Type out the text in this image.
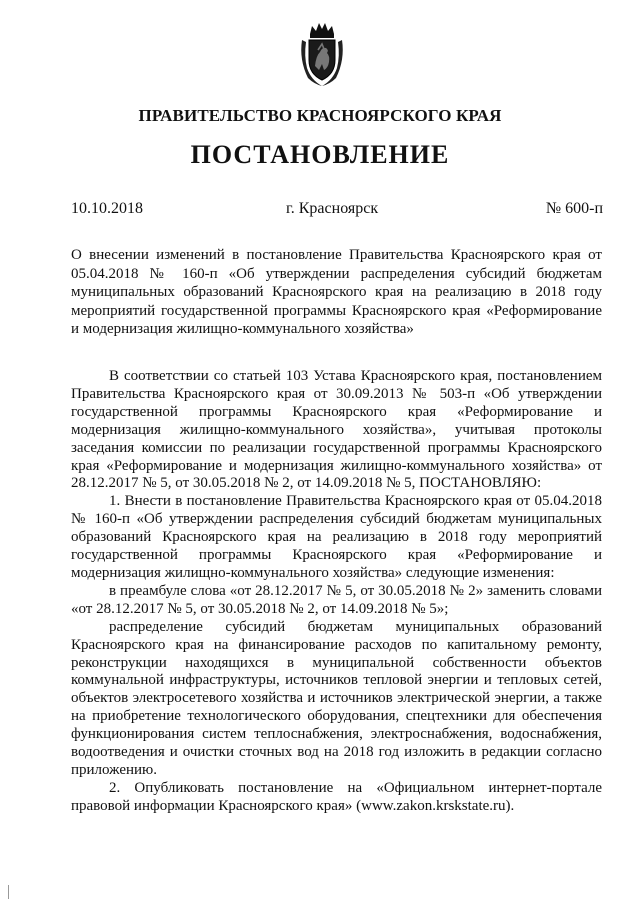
ПРАВИТЕЛЬСТВО КРАСНОЯРСКОГО КРАЯ
ПОСТАНОВЛЕНИЕ
10.10.2018	г. Красноярск	№ 600-п
О внесении изменений в постановление Правительства Красноярского края от 05.04.2018 № 160-п «Об утверждении распределения субсидий бюджетам муниципальных образований Красноярского края на реализацию в 2018 году мероприятий государственной программы Красноярского края «Реформирование и модернизация жилищно-коммунального хозяйства»

В соответствии со статьей 103 Устава Красноярского края, постановлением Правительства Красноярского края от 30.09.2013 № 503-п «Об утверждении государственной программы Красноярского края «Реформирование и модернизация жилищно-коммунального хозяйства», учитывая протоколы заседания комиссии по реализации государственной программы Красноярского края «Реформирование и модернизация жилищно-коммунального хозяйства» от 28.12.2017 № 5, от 30.05.2018 № 2, от 14.09.2018 № 5, ПОСТАНОВЛЯЮ:

1. Внести в постановление Правительства Красноярского края от 05.04.2018 № 160-п «Об утверждении распределения субсидий бюджетам муниципальных образований Красноярского края на реализацию в 2018 году мероприятий государственной программы Красноярского края «Реформирование и модернизация жилищно-коммунального хозяйства» следующие изменения:

в преамбуле слова «от 28.12.2017 № 5, от 30.05.2018 № 2» заменить словами «от 28.12.2017 № 5, от 30.05.2018 № 2, от 14.09.2018 № 5»;

распределение субсидий бюджетам муниципальных образований Красноярского края на финансирование расходов по капитальному ремонту, реконструкции находящихся в муниципальной собственности объектов коммунальной инфраструктуры, источников тепловой энергии и тепловых сетей, объектов электросетевого хозяйства и источников электрической энергии, а также на приобретение технологического оборудования, спецтехники для обеспечения функционирования систем теплоснабжения, электроснабжения, водоснабжения, водоотведения и очистки сточных вод на 2018 год изложить в редакции согласно приложению.

2. Опубликовать постановление на «Официальном интернет-портале правовой информации Красноярского края» (www.zakon.krskstate.ru).
